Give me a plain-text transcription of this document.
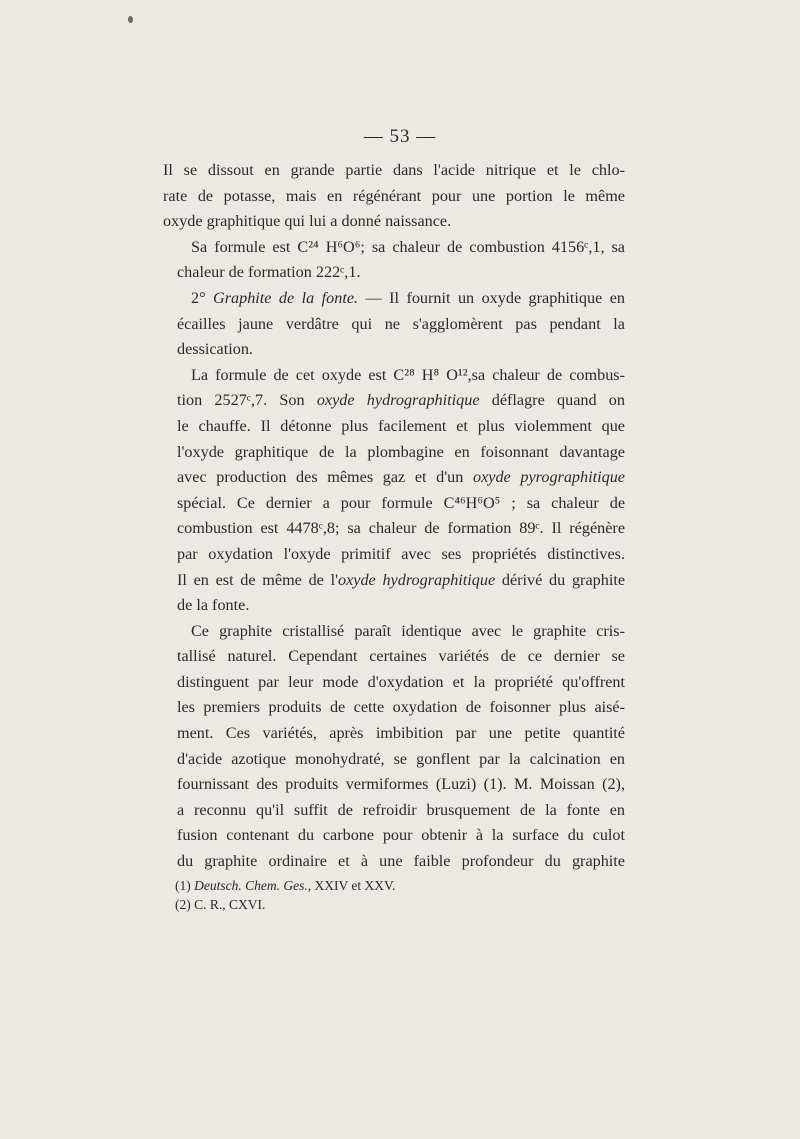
— 53 —

Il se dissout en grande partie dans l'acide nitrique et le chlo-
rate de potasse, mais en régénérant pour une portion le même
oxyde graphitique qui lui a donné naissance.

Sa formule est C²⁴ H⁶O⁶; sa chaleur de combustion 4156ᶜ,1, sa
chaleur de formation 222ᶜ,1.

2° Graphite de la fonte. — Il fournit un oxyde graphitique en
écailles jaune verdâtre qui ne s'agglomèrent pas pendant la
dessication.

La formule de cet oxyde est C²⁸ H⁸ O¹²,sa chaleur de combus-
tion 2527ᶜ,7. Son oxyde hydrographitique déflagre quand on
le chauffe. Il détonne plus facilement et plus violemment que
l'oxyde graphitique de la plombagine en foisonnant davantage
avec production des mêmes gaz et d'un oxyde pyrographitique
spécial. Ce dernier a pour formule C⁴⁶H⁶O⁵ ; sa chaleur de
combustion est 4478ᶜ,8; sa chaleur de formation 89ᶜ. Il régénère
par oxydation l'oxyde primitif avec ses propriétés distinctives.
Il en est de même de l'oxyde hydrographitique dérivé du graphite
de la fonte.

Ce graphite cristallisé paraît identique avec le graphite cris-
tallisé naturel. Cependant certaines variétés de ce dernier se
distinguent par leur mode d'oxydation et la propriété qu'offrent
les premiers produits de cette oxydation de foisonner plus aisé-
ment. Ces variétés, après imbibition par une petite quantité
d'acide azotique monohydraté, se gonflent par la calcination en
fournissant des produits vermiformes (Luzi) (1). M. Moissan (2),
a reconnu qu'il suffit de refroidir brusquement de la fonte en
fusion contenant du carbone pour obtenir à la surface du culot
du graphite ordinaire et à une faible profondeur du graphite

(1) Deutsch. Chem. Ges., XXIV et XXV.
(2) C. R., CXVI.
